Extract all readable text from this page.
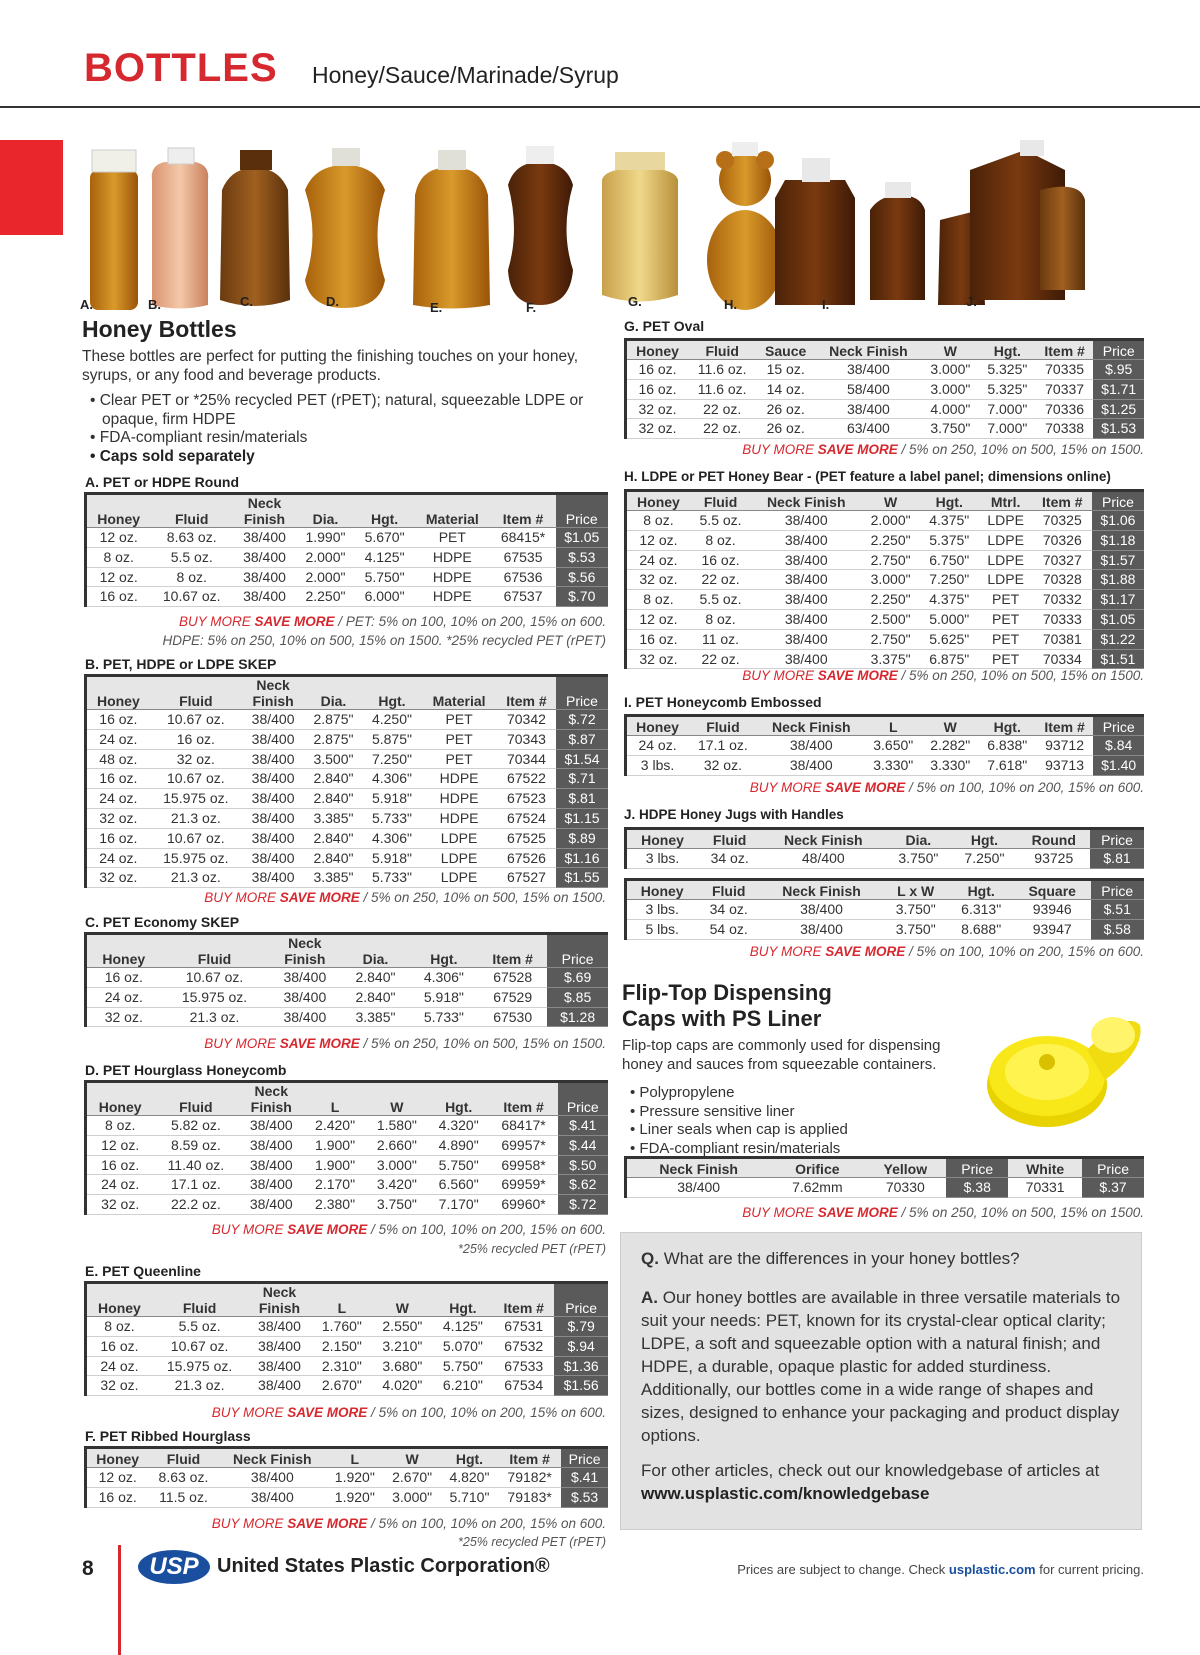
BOTTLES Honey/Sauce/Marinade/Syrup
A.	B.	C.	D.	E.	F.	G.	H.	I.	J.
Honey Bottles
These bottles are perfect for putting the finishing touches on your honey, syrups, or any food and beverage products.
• Clear PET or *25% recycled PET (rPET); natural, squeezable LDPE or opaque, firm HDPE
• FDA-compliant resin/materials
• Caps sold separately
A. PET or HDPE Round
Honey	Fluid	Neck
Finish	Dia.	Hgt.	Material	Item #	Price
12 oz.	8.63 oz.	38/400	1.990"	5.670"	PET	68415*	$1.05
8 oz.	5.5 oz.	38/400	2.000"	4.125"	HDPE	67535	$.53
12 oz.	8 oz.	38/400	2.000"	5.750"	HDPE	67536	$.56
16 oz.	10.67 oz.	38/400	2.250"	6.000"	HDPE	67537	$.70
BUY MORE SAVE MORE / PET: 5% on 100, 10% on 200, 15% on 600.
HDPE: 5% on 250, 10% on 500, 15% on 1500. *25% recycled PET (rPET)
B. PET, HDPE or LDPE SKEP
Honey	Fluid	Neck
Finish	Dia.	Hgt.	Material	Item #	Price
16 oz.	10.67 oz.	38/400	2.875"	4.250"	PET	70342	$.72
24 oz.	16 oz.	38/400	2.875"	5.875"	PET	70343	$.87
48 oz.	32 oz.	38/400	3.500"	7.250"	PET	70344	$1.54
16 oz.	10.67 oz.	38/400	2.840"	4.306"	HDPE	67522	$.71
24 oz.	15.975 oz.	38/400	2.840"	5.918"	HDPE	67523	$.81
32 oz.	21.3 oz.	38/400	3.385"	5.733"	HDPE	67524	$1.15
16 oz.	10.67 oz.	38/400	2.840"	4.306"	LDPE	67525	$.89
24 oz.	15.975 oz.	38/400	2.840"	5.918"	LDPE	67526	$1.16
32 oz.	21.3 oz.	38/400	3.385"	5.733"	LDPE	67527	$1.55
BUY MORE SAVE MORE / 5% on 250, 10% on 500, 15% on 1500.
C. PET Economy SKEP
Honey	Fluid	Neck
Finish	Dia.	Hgt.	Item #	Price
16 oz.	10.67 oz.	38/400	2.840"	4.306"	67528	$.69
24 oz.	15.975 oz.	38/400	2.840"	5.918"	67529	$.85
32 oz.	21.3 oz.	38/400	3.385"	5.733"	67530	$1.28
BUY MORE SAVE MORE / 5% on 250, 10% on 500, 15% on 1500.
D. PET Hourglass Honeycomb
Honey	Fluid	Neck
Finish	L	W	Hgt.	Item #	Price
8 oz.	5.82 oz.	38/400	2.420"	1.580"	4.320"	68417*	$.41
12 oz.	8.59 oz.	38/400	1.900"	2.660"	4.890"	69957*	$.44
16 oz.	11.40 oz.	38/400	1.900"	3.000"	5.750"	69958*	$.50
24 oz.	17.1 oz.	38/400	2.170"	3.420"	6.560"	69959*	$.62
32 oz.	22.2 oz.	38/400	2.380"	3.750"	7.170"	69960*	$.72
BUY MORE SAVE MORE / 5% on 100, 10% on 200, 15% on 600.
*25% recycled PET (rPET)
E. PET Queenline
Honey	Fluid	Neck
Finish	L	W	Hgt.	Item #	Price
8 oz.	5.5 oz.	38/400	1.760"	2.550"	4.125"	67531	$.79
16 oz.	10.67 oz.	38/400	2.150"	3.210"	5.070"	67532	$.94
24 oz.	15.975 oz.	38/400	2.310"	3.680"	5.750"	67533	$1.36
32 oz.	21.3 oz.	38/400	2.670"	4.020"	6.210"	67534	$1.56
BUY MORE SAVE MORE / 5% on 100, 10% on 200, 15% on 600.
F. PET Ribbed Hourglass
Honey	Fluid	Neck Finish	L	W	Hgt.	Item #	Price
12 oz.	8.63 oz.	38/400	1.920"	2.670"	4.820"	79182*	$.41
16 oz.	11.5 oz.	38/400	1.920"	3.000"	5.710"	79183*	$.53
BUY MORE SAVE MORE / 5% on 100, 10% on 200, 15% on 600.
*25% recycled PET (rPET)
G. PET Oval
Honey	Fluid	Sauce	Neck Finish	W	Hgt.	Item #	Price
16 oz.	11.6 oz.	15 oz.	38/400	3.000"	5.325"	70335	$.95
16 oz.	11.6 oz.	14 oz.	58/400	3.000"	5.325"	70337	$1.71
32 oz.	22 oz.	26 oz.	38/400	4.000"	7.000"	70336	$1.25
32 oz.	22 oz.	26 oz.	63/400	3.750"	7.000"	70338	$1.53
BUY MORE SAVE MORE / 5% on 250, 10% on 500, 15% on 1500.
H. LDPE or PET Honey Bear - (PET feature a label panel; dimensions online)
Honey	Fluid	Neck Finish	W	Hgt.	Mtrl.	Item #	Price
8 oz.	5.5 oz.	38/400	2.000"	4.375"	LDPE	70325	$1.06
12 oz.	8 oz.	38/400	2.250"	5.375"	LDPE	70326	$1.18
24 oz.	16 oz.	38/400	2.750"	6.750"	LDPE	70327	$1.57
32 oz.	22 oz.	38/400	3.000"	7.250"	LDPE	70328	$1.88
8 oz.	5.5 oz.	38/400	2.250"	4.375"	PET	70332	$1.17
12 oz.	8 oz.	38/400	2.500"	5.000"	PET	70333	$1.05
16 oz.	11 oz.	38/400	2.750"	5.625"	PET	70381	$1.22
32 oz.	22 oz.	38/400	3.375"	6.875"	PET	70334	$1.51
BUY MORE SAVE MORE / 5% on 250, 10% on 500, 15% on 1500.
I. PET Honeycomb Embossed
Honey	Fluid	Neck Finish	L	W	Hgt.	Item #	Price
24 oz.	17.1 oz.	38/400	3.650"	2.282"	6.838"	93712	$.84
3 lbs.	32 oz.	38/400	3.330"	3.330"	7.618"	93713	$1.40
BUY MORE SAVE MORE / 5% on 100, 10% on 200, 15% on 600.
J. HDPE Honey Jugs with Handles
Honey	Fluid	Neck Finish	Dia.	Hgt.	Round	Price
3 lbs.	34 oz.	48/400	3.750"	7.250"	93725	$.81
Honey	Fluid	Neck Finish	L x W	Hgt.	Square	Price
3 lbs.	34 oz.	38/400	3.750"	6.313"	93946	$.51
5 lbs.	54 oz.	38/400	3.750"	8.688"	93947	$.58
BUY MORE SAVE MORE / 5% on 100, 10% on 200, 15% on 600.
Flip-Top Dispensing
Caps with PS Liner
Flip-top caps are commonly used for dispensing honey and sauces from squeezable containers.
• Polypropylene
• Pressure sensitive liner
• Liner seals when cap is applied
• FDA-compliant resin/materials
Neck Finish	Orifice	Yellow	Price	White	Price
38/400	7.62mm	70330	$.38	70331	$.37
BUY MORE SAVE MORE / 5% on 250, 10% on 500, 15% on 1500.

Q. What are the differences in your honey bottles?

A. Our honey bottles are available in three versatile materials to suit your needs: PET, known for its crystal-clear optical clarity; LDPE, a soft and squeezable option with a natural finish; and HDPE, a durable, opaque plastic for added sturdiness. Additionally, our bottles come in a wide range of shapes and sizes, designed to enhance your packaging and product display options.

For other articles, check out our knowledgebase of articles at

www.usplastic.com/knowledgebase
8	USP United States Plastic Corporation®	Prices are subject to change. Check usplastic.com for current pricing.
